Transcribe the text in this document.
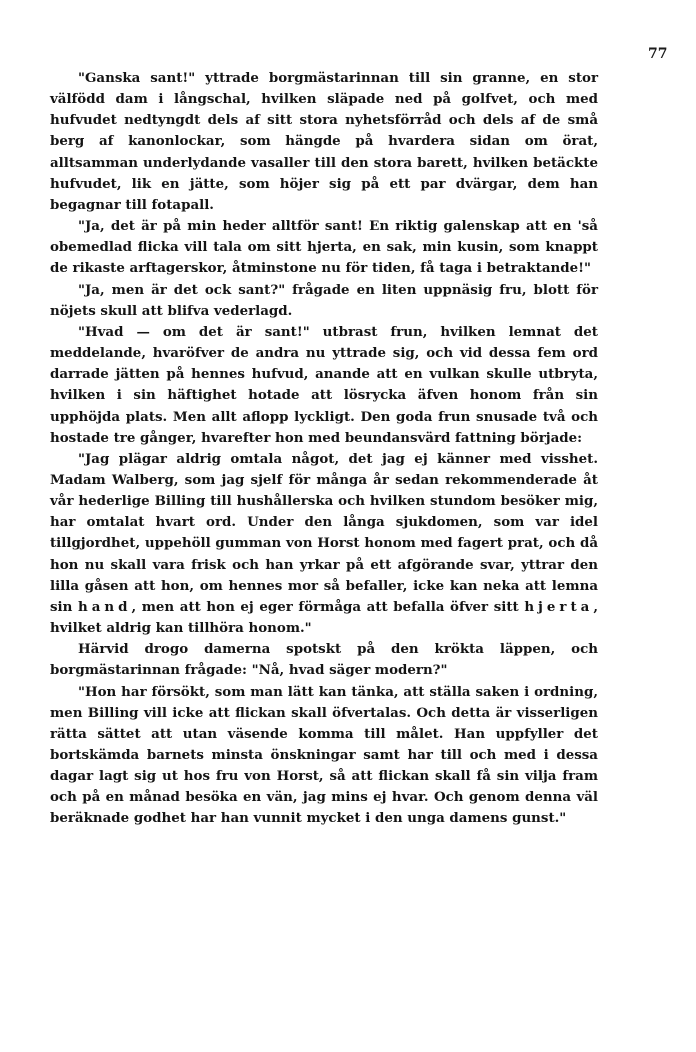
77

"Ganska sant!" yttrade borgmästarinnan till sin granne, en stor välfödd dam i långschal, hvilken släpade ned på golfvet, och med hufvudet nedtyngdt dels af sitt stora nyhetsförråd och dels af de små berg af kanonlockar, som hängde på hvardera sidan om örat, alltsamman underlydande vasaller till den stora barett, hvilken betäckte hufvudet, lik en jätte, som höjer sig på ett par dvärgar, dem han begagnar till fotapall.

"Ja, det är på min heder alltför sant! En riktig galenskap att en 'så obemedlad flicka vill tala om sitt hjerta, en sak, min kusin, som knappt de rikaste arftagerskor, åtminstone nu för tiden, få taga i betraktande!"

"Ja, men är det ock sant?" frågade en liten uppnäsig fru, blott för nöjets skull att blifva vederlagd.

"Hvad — om det är sant!" utbrast frun, hvilken lemnat det meddelande, hvaröfver de andra nu yttrade sig, och vid dessa fem ord darrade jätten på hennes hufvud, anande att en vulkan skulle utbryta, hvilken i sin häftighet hotade att lösrycka äfven honom från sin upphöjda plats. Men allt aflopp lyckligt. Den goda frun snusade två och hostade tre gånger, hvarefter hon med beundansvärd fattning började:

"Jag plägar aldrig omtala något, det jag ej känner med visshet. Madam Walberg, som jag sjelf för många år sedan rekommenderade åt vår hederlige Billing till hushållerska och hvilken stundom besöker mig, har omtalat hvart ord. Under den långa sjukdomen, som var idel tillgjordhet, uppehöll gumman von Horst honom med fagert prat, och då hon nu skall vara frisk och han yrkar på ett afgörande svar, yttrar den lilla gåsen att hon, om hennes mor så befaller, icke kan neka att lemna sin hand, men att hon ej eger förmåga att befalla öfver sitt hjerta, hvilket aldrig kan tillhöra honom."

Härvid drogo damerna spotskt på den krökta läppen, och borgmästarinnan frågade: "Nå, hvad säger modern?"

"Hon har försökt, som man lätt kan tänka, att ställa saken i ordning, men Billing vill icke att flickan skall öfvertalas. Och detta är visserligen rätta sättet att utan väsende komma till målet. Han uppfyller det bortskämda barnets minsta önskningar samt har till och med i dessa dagar lagt sig ut hos fru von Horst, så att flickan skall få sin vilja fram och på en månad besöka en vän, jag mins ej hvar. Och genom denna väl beräknade godhet har han vunnit mycket i den unga damens gunst."
